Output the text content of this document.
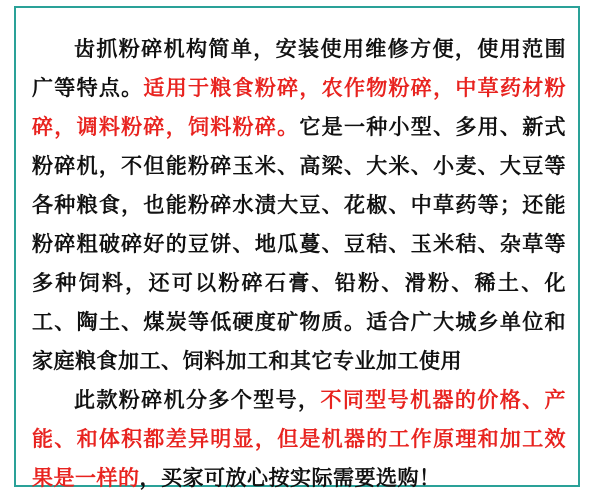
齿抓粉碎机构简单，安装使用维修方便，使用范围广等特点。适用于粮食粉碎，农作物粉碎，中草药材粉碎，调料粉碎，饲料粉碎。它是一种小型、多用、新式粉碎机，不但能粉碎玉米、高梁、大米、小麦、大豆等各种粮食，也能粉碎水渍大豆、花椒、中草药等；还能粉碎粗破碎好的豆饼、地瓜蔓、豆秸、玉米秸、杂草等多种饲料，还可以粉碎石膏、铅粉、滑粉、稀土、化工、陶土、煤炭等低硬度矿物质。适合广大城乡单位和家庭粮食加工、饲料加工和其它专业加工使用

此款粉碎机分多个型号，不同型号机器的价格、产能、和体积都差异明显，但是机器的工作原理和加工效果是一样的，买家可放心按实际需要选购！
